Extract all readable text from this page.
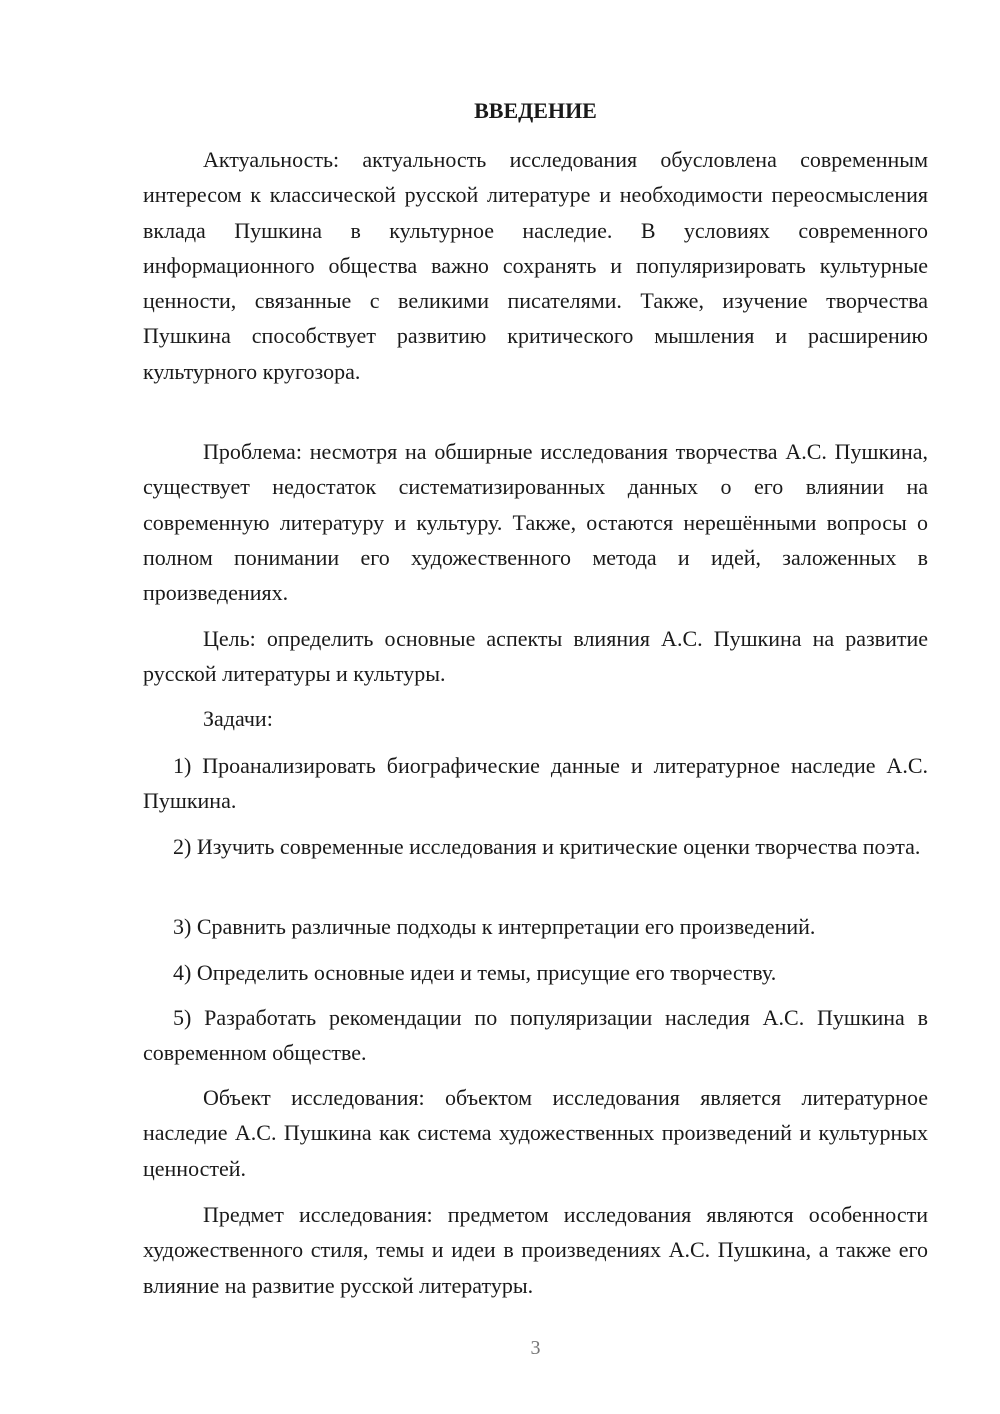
ВВЕДЕНИЕ

Актуальность: актуальность исследования обусловлена современным интересом к классической русской литературе и необходимости переосмысления вклада Пушкина в культурное наследие. В условиях современного информационного общества важно сохранять и популяризировать культурные ценности, связанные с великими писателями. Также, изучение творчества Пушкина способствует развитию критического мышления и расширению культурного кругозора.

Проблема: несмотря на обширные исследования творчества А.С. Пушкина, существует недостаток систематизированных данных о его влиянии на современную литературу и культуру. Также, остаются нерешёнными вопросы о полном понимании его художественного метода и идей, заложенных в произведениях.

Цель: определить основные аспекты влияния А.С. Пушкина на развитие русской литературы и культуры.

Задачи:

1) Проанализировать биографические данные и литературное наследие А.С. Пушкина.

2) Изучить современные исследования и критические оценки творчества поэта.

3) Сравнить различные подходы к интерпретации его произведений.

4) Определить основные идеи и темы, присущие его творчеству.

5) Разработать рекомендации по популяризации наследия А.С. Пушкина в современном обществе.

Объект исследования: объектом исследования является литературное наследие А.С. Пушкина как система художественных произведений и культурных ценностей.

Предмет исследования: предметом исследования являются особенности художественного стиля, темы и идеи в произведениях А.С. Пушкина, а также его влияние на развитие русской литературы.

3
